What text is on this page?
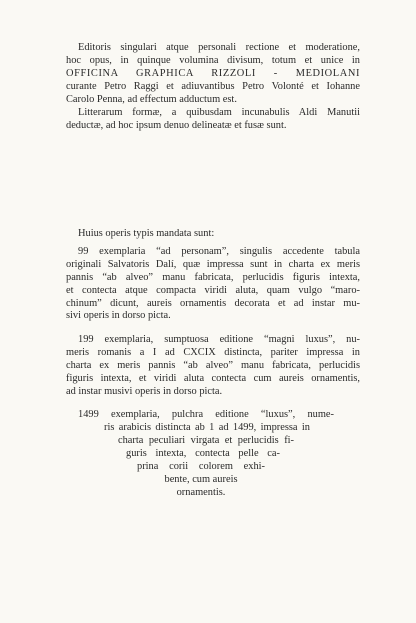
Editoris singulari atque personali rectione et moderatione,
hoc opus, in quinque volumina divisum, totum et unice in
OFFICINA GRAPHICA RIZZOLI - MEDIOLANI
curante Petro Raggi et adiuvantibus Petro Volonté et Iohanne
Carolo Penna, ad effectum adductum est.
Litterarum formæ, a quibusdam incunabulis Aldi Manutii
deductæ, ad hoc ipsum denuo delineatæ et fusæ sunt.
Huius operis typis mandata sunt:
99 exemplaria “ad personam”, singulis accedente tabula
originali Salvatoris Dalí, quæ impressa sunt in charta ex meris
pannis “ab alveo” manu fabricata, perlucidis figuris intexta,
et contecta atque compacta viridi aluta, quam vulgo “maro-
chinum” dicunt, aureis ornamentis decorata et ad instar mu-
sivi operis in dorso picta.
199 exemplaria, sumptuosa editione “magni luxus”, nu-
meris romanis a I ad CXCIX distincta, pariter impressa in
charta ex meris pannis “ab alveo” manu fabricata, perlucidis
figuris intexta, et viridi aluta contecta cum aureis ornamentis,
ad instar musivi operis in dorso picta.
1499 exemplaria, pulchra editione “luxus”, nume-
ris arabicis distincta ab 1 ad 1499, impressa in
charta peculiari virgata et perlucidis fi-
guris intexta, contecta pelle ca-
prina corii colorem exhi-
bente, cum aureis
ornamentis.
